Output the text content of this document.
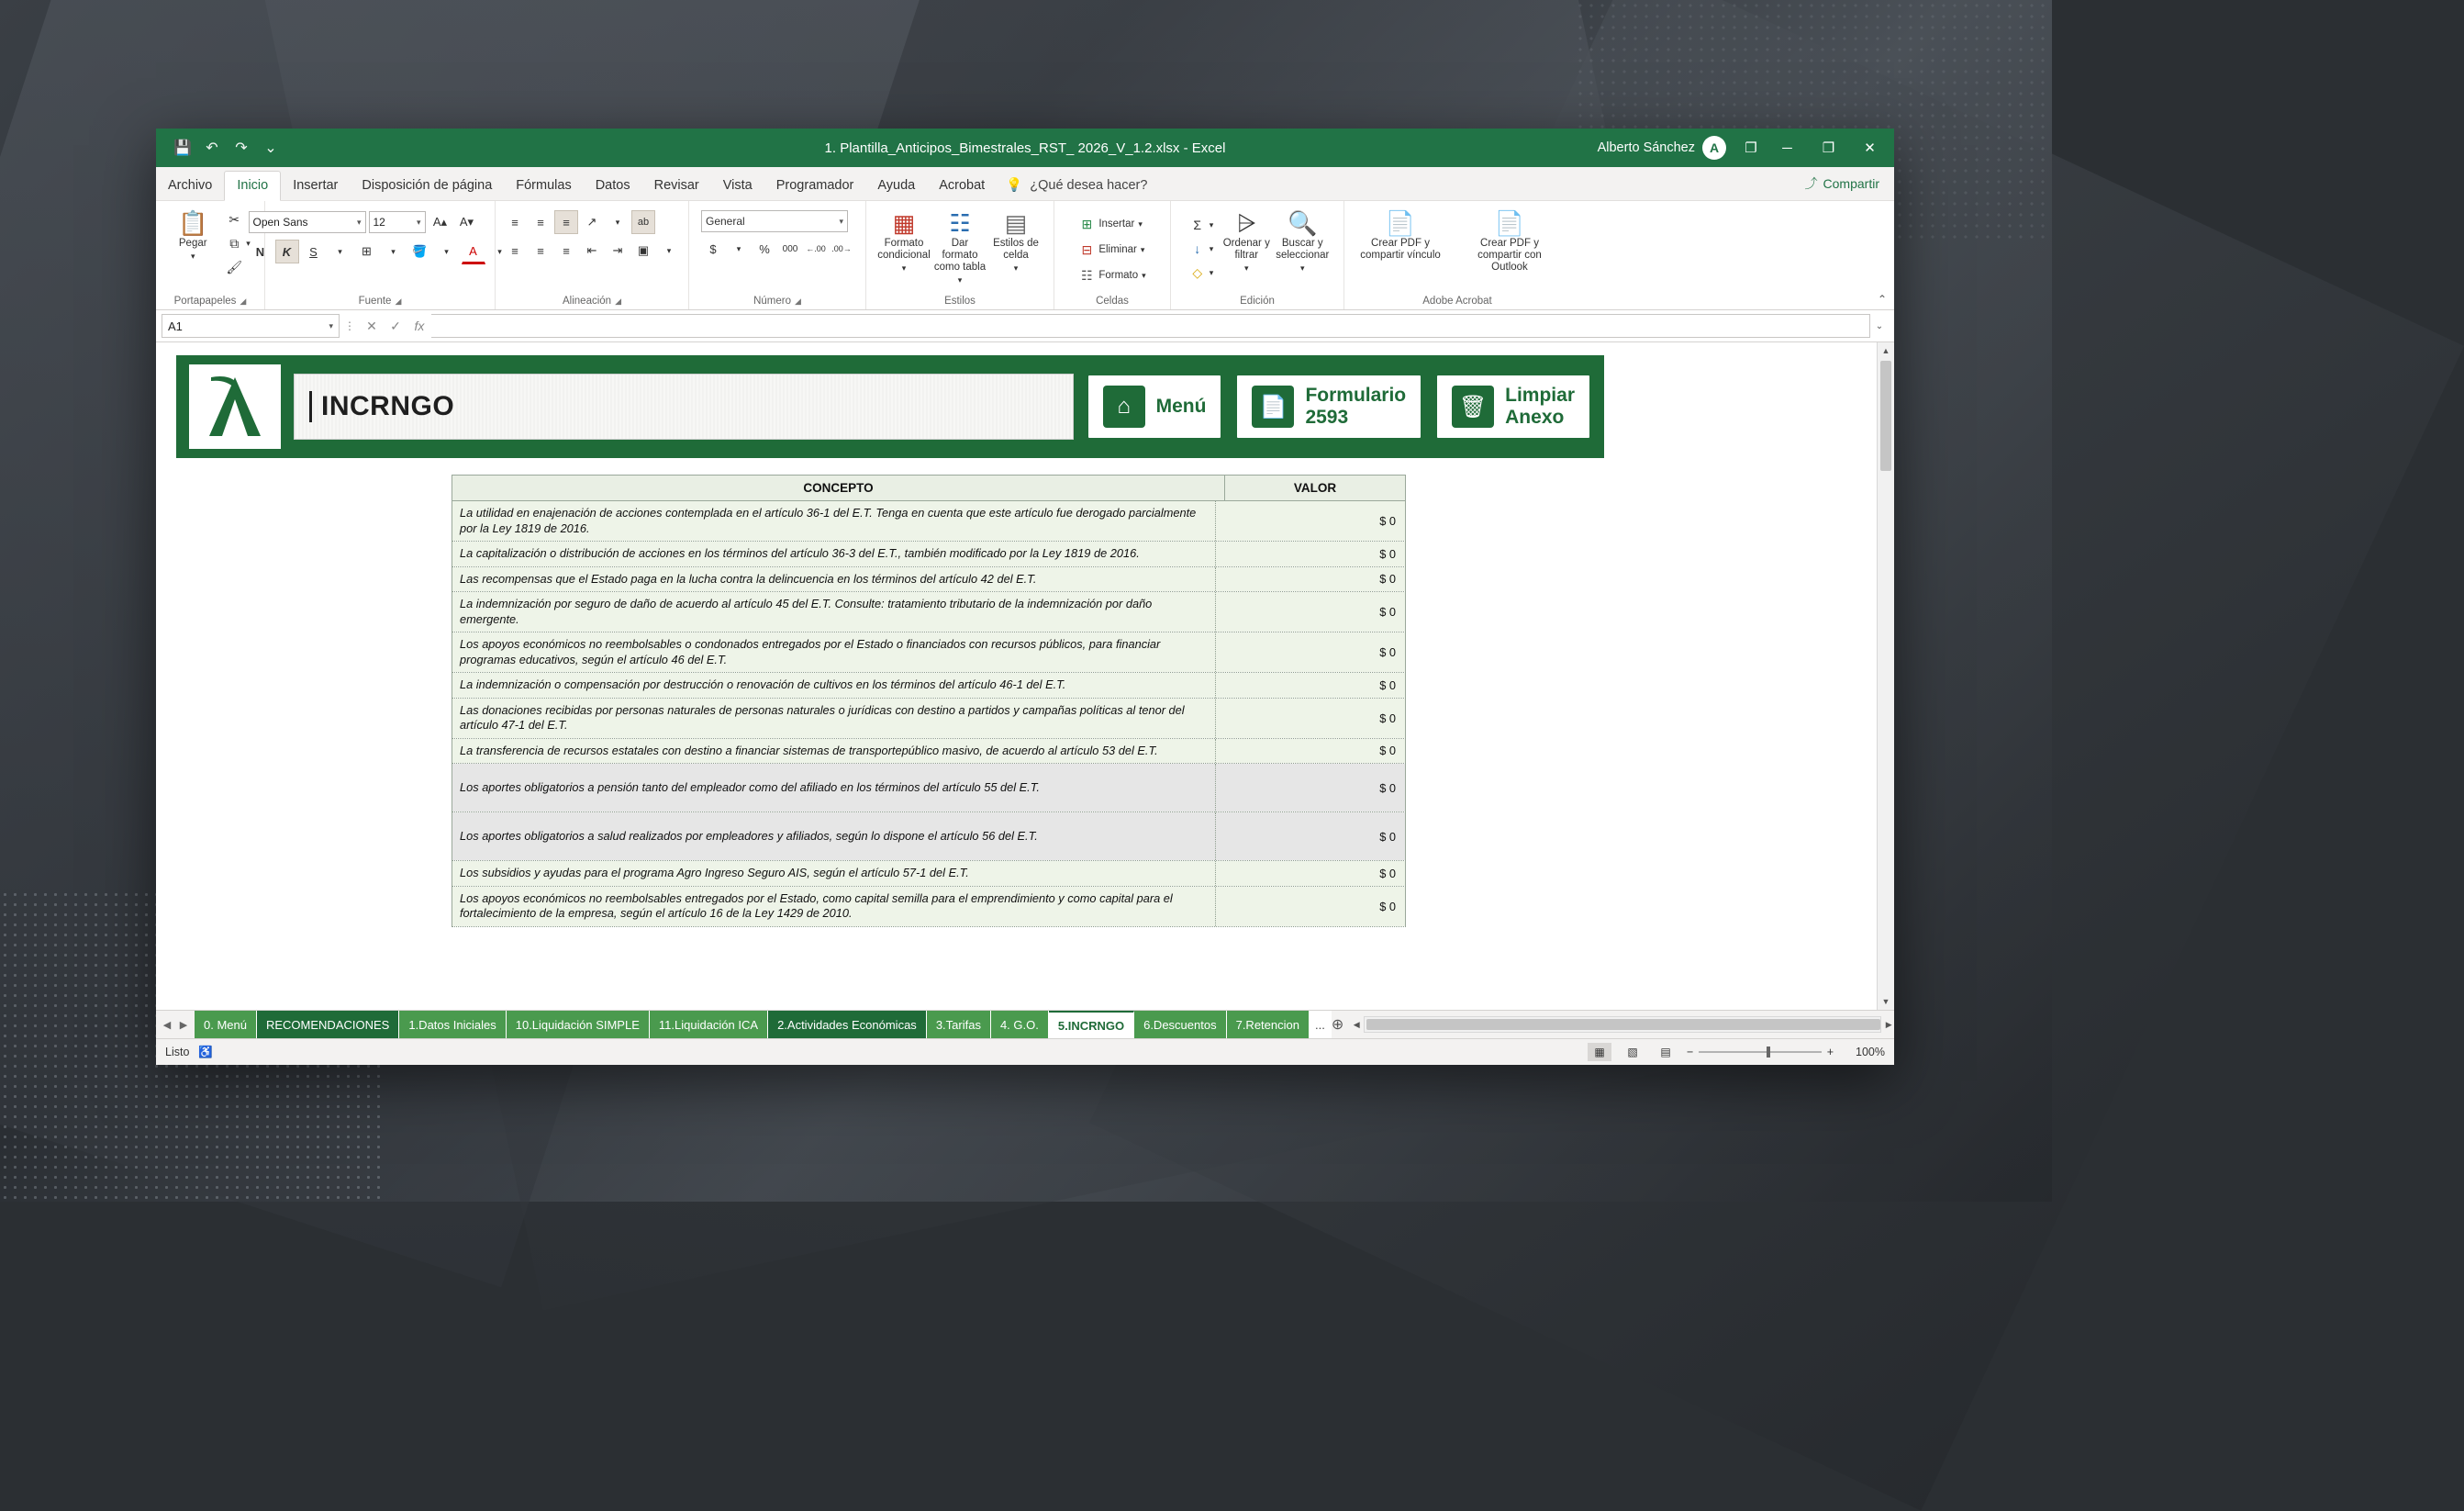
💾 ↶	↷	⌄	1. Plantilla_Anticipos_Bimestrales_RST_ 2026_V_1.2.xlsx - Excel	Alberto Sánchez	A	❐	─	❐	✕
Archivo	Inicio	Insertar	Disposición de página	Fórmulas	Datos	Revisar	Vista	Programador	Ayuda	Acrobat	💡 ¿Qué desea hacer?	⤴ Compartir
📋
Pegar
▾
✂
⧉ ▾
🖌
Portapapeles ◢
Open Sans	▾ 12	▾	A▴	A▾
N	K	S	▾	⊞	▾	🪣	▾	A	▾
Fuente ◢
≡	≡	≡	↗	▾	ab
≡	≡	≡	⇤	⇥	▣	▾
Alineación ◢
General	▾
$	▾	%	000 ←.00 .00→
Número ◢
▦
Formato condicional
▾
☷
Dar formato como tabla
▾
▤
Estilos de celda
▾
Estilos
⊞ Insertar ▾
⊟ Eliminar ▾
☷ Formato ▾
Celdas
Σ ▾
↓	▾
◇ ▾
⩥
Ordenar y filtrar
▾
🔍
Buscar y seleccionar
▾
Edición
📄
Crear PDF y compartir vínculo
📄
Crear PDF y compartir con Outlook
Adobe Acrobat	⌃
A1	▾	⋮ ✕	✓	fx	⌄
INCRNGO	⌂	Menú	📄 Formulario
2593	🗑 Limpiar
Anexo
CONCEPTO	VALOR
La utilidad en enajenación de acciones contemplada en el artículo 36-1 del E.T. Tenga en cuenta que este artículo fue derogado parcialmente por la Ley 1819 de 2016.	$ 0
La capitalización o distribución de acciones en los términos del artículo 36-3 del E.T., también modificado por la Ley 1819 de 2016.	$ 0
Las recompensas que el Estado paga en la lucha contra la delincuencia en los términos del artículo 42 del E.T.	$ 0
La indemnización por seguro de daño de acuerdo al artículo 45 del E.T. Consulte: tratamiento tributario de la indemnización por daño emergente.	$ 0
Los apoyos económicos no reembolsables o condonados entregados por el Estado o financiados con recursos públicos, para financiar programas educativos, según el artículo 46 del E.T.	$ 0
La indemnización o compensación por destrucción o renovación de cultivos en los términos del artículo 46-1 del E.T.	$ 0
Las donaciones recibidas por personas naturales de personas naturales o jurídicas con destino a partidos y campañas políticas al tenor del artículo 47-1 del E.T.	$ 0
La transferencia de recursos estatales con destino a financiar sistemas de transportepúblico masivo, de acuerdo al artículo 53 del E.T.	$ 0
Los aportes obligatorios a pensión tanto del empleador como del afiliado en los términos del artículo 55 del E.T.	$ 0
Los aportes obligatorios a salud realizados por empleadores y afiliados, según lo dispone el artículo 56 del E.T.	$ 0
Los subsidios y ayudas para el programa Agro Ingreso Seguro AIS, según el artículo 57-1 del E.T.	$ 0
Los apoyos económicos no reembolsables entregados por el Estado, como capital semilla para el emprendimiento y como capital para el fortalecimiento de la empresa, según el artículo 16 de la Ley 1429 de 2010.	$ 0
▲
▼
◀ ▶	0. Menú	RECOMENDACIONES	1.Datos Iniciales	10.Liquidación SIMPLE	11.Liquidación ICA	2.Actividades Económicas	3.Tarifas	4. G.O.	5.INCRNGO	6.Descuentos	7.Retencion	... ⊕	◀	▶
Listo ♿	▦	▧	▤	−	+	100%
